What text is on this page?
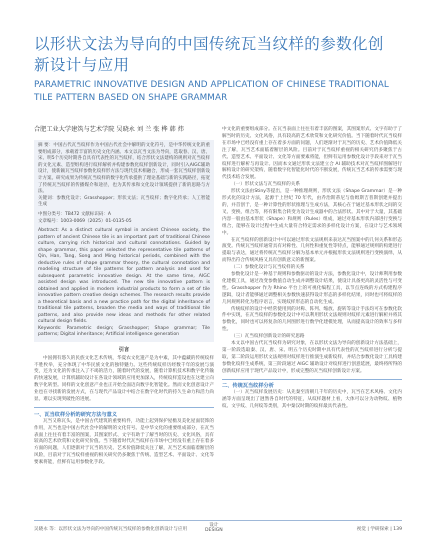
以形状文法为导向的中国传统瓦当纹样的参数化创新设计与应用
PARAMETRIC INNOVATIVE DESIGN AND APPLICATION OF CHINESE TRADITIONAL TILE PATTERN BASED ON SHAPE GRAMMAR
合肥工业大学建筑与艺术学院 吴晓永 刘 兰 张 桦 韩 炜
摘 要：中国古代瓦当纹样作为中国古代社会中解明的文化符号，是中华传统文化的重要组成部分，承载着丰富的历史文化内涵。本文以瓦当文法为导向，选取春、汉、唐、宋、明5个历史时期各自具有代表性的瓦当纹样，结合形状文法建构的规则对瓦当纹样的文化元素、造型组构进行纹样解析并构建参数化纹样创新设计，同时引入AIGC辅助设计，使新颖瓦当纹样参数化纹样形方法与现代技术相融合，形成一套瓦当纹样创新设计方案。研究成果为传统瓦当纹样的数字化传承提供了理论基础与新的实践路径，拓宽了传统瓦当纹样的传播媒介和途径，也为其传承和文化设计领域提供了新的思路与方法。
关键词：参数化设计；Grasshopper；形状文法；瓦当纹样；数字化传承；人工智能生成
中图分类号：TB472 文献标识码：A
文章编号：1003-0069（2025）01-0135-05
Abstract: As a distinct cultural symbol in ancient Chinese society, the pattern of ancient Chinese tile is an important part of traditional Chinese culture, carrying rich historical and cultural connotations. Guided by shape grammar, this paper selected the representative tile patterns of Qin, Han, Tang, Song and Ming historical periods, combined with the deductive rules of shape grammar theory, the cultural connotation and modeling structure of tile patterns for pattern analysis and used for subsequent parametric innovative design. At the same time, AIGC assisted design was introduced. The new tile innovative pattern is obtained and applied in modern industrial products to form a set of tile innovative pattern creative design schemes. The research results provide a theoretical basis and a new practice path for the digital inheritance of traditional tile patterns, broaden the media and ways of traditional tile patterns, and also provide new ideas and methods for other related cultural design fields.
Keywords: Parametric design; Grasshopper; Shape grammar; Tile patterns; Digital inheritance; Artificial intelligence generation
引言
中国拥有悠久的民族文化艺术传统，华夏农文化遗产是为中素，其中蕴藏的传统纹样不胜枚举，充分体现了中华民族文化的独特魅力。这些传统纹样历经数千年的发展与演变，还为文化的传承注入了不竭的活力，随着时代的发展，随着计算机技术和数字化传输的快速发展，计算机辅助设计在各设计领域的应用更加深入，传统纹样造设也在这建立向数字化转型。同样的文化创意产业也正开始全面迈向数字化智能化。然而文化创意设计产业也在寻找新的发展方式，在与现代产品设计中结合在数字化时代的持久生命力和活力尚显。难以实现突破性的进展。
一、瓦当纹样分析的研究方法与意义
瓦当又称瓦头，是中国古代建筑的重要构件，功能上起到保护屋檐及美化屋面装饰的作用，瓦当也是中国古代社会中的解明的文化符号。是中华文化的重要组成部分，在瓦当表面上往往有着丰富的图案，其图案形式、文字有助于了解当时的历史、文化风俗，具有较高的艺术欣赏和文化研究价值。当下随着时代瓦当纹样在市场中已经没有重上存在着多方面的问题，人们逐渐对于瓦当的历史、艺术价值降低关注了解，瓦当艺术面临着断层的风险，目前对于瓦当纹样重视的相关研究仍多聚焦于传统、造型艺术、平面设计、文化等要素将能，但鲜有运用参数化手段。
中文化的重要组成部分。在瓦当表面上往往有着丰富的图案，其图案形式、文字有助于了解当时的历史、文化风俗，具有较高的艺术欣赏和文化研究价值。当下随着时代瓦当纹样在市场中已经没有重上存在着多方面的问题，人们逐渐对于瓦当的历史、艺术价值降低关注了解，瓦当艺术面临着断层的风险。目前对于瓦当纹样重视的相关研究仍多聚焦于古代、造型艺术、平面设计、文化等方面要素将能，但鲜有运用参数化设计手段来对于瓦当纹样进行解析与再设计。因而本文通过形状文法建立合 AI 辅助技术对瓦当纹样图解进行解构设计的研究架构，随着数字化智能化时代的不断发展，传统瓦当艺术的传承需要与现代技术结合发展。
（一）形状文法与瓦当纹样的关系
形状文法由Stiny等提出，是一种推理规则，形状文法（Shape Grammar）是一种形式化的设计方法，起源于上世纪 70 年代，由乔治斯蒂尼与詹姆斯吉普斯创建并提出的，并首创于，是一种计算性的形状推理与生成方法，其核心在于通过基本形状之间的交叉、变换、组合等，将有限集合转变为设计生成器中的合法形状。其中对于大量，其基础内容一般由基本形状（Shape）和规则（Rules）组成，通过对基本形状内部进行变换与组合，能够在设计过程中生成大量符合特定需求的多样化设计方案，在设计与艺术领域中。
在瓦当纹样的创新设计中可以通过形状文法规则来表达瓦当图案中的几何关系和形态演变。传统瓦当纹样通常具有对称性、几何性和重复性等特点，能够通过规则的构建进行提取与表达，通过将传统瓦当纹样分解为基本单元并根据形状文法规则进行变换演绎，从而得出符合传统风格又具有创新意义的新图案。
（二）参数化设计与瓦当纹样的关系
参数化设计是一种基于规则和参数驱动的设计方法，参数化设计中，设计师利用参数化建模工具，通过改变参数值自动生成并调整设计结果，使设计具备更高的灵活性与可变性。Grasshopper 作为 Rhino 平台上的可视化编程工具，以节点连线的方式构建程序逻辑，设计者能够通过调整相关参数快速获得设计形态的多样化结果，同时也可将纹样的几何规则转化为程序语言，实现纹样形态的自动化生成。
传统纹样的设计中经常使用到的对称、阵列、缩放、旋转等设计手法均可在参数化软件中实现，在瓦当纹样的参数化设计中可以利用形状文法规则对纹样元素进行解析并将其参数化，同时也可以将复杂的几何图形进行数学化建模处理，从而提高设计的效率与多样性。
（三）瓦当纹样创新设计的研究思路
本文以中国古代瓦当纹样为研究对象，在以形状文法为导向的创新设计方法基础上，第一阶段选取秦、汉、唐、宋、明五个历史时期中具有代表性的瓦当纹样进行分析与提取，第二阶段运用形状文法规则对纹样进行推演生成新纹样，并结合参数化设计工具构建参数化纹样生成系统，第三阶段通过 AIGC 辅助设计对纹样进行创意延展，最终将所得的创新纹样应用于现代产品设计中，形成完整的瓦当纹样创新设计方案。
二、传统瓦当纹样分析
（一）瓦当纹样发展历史：从先秦至清朝几千年的历史中，瓦当在艺术风格、文化内涵等方面呈现出了迥然各自时代的特征，从纹样题材上看，大体可以分为动物纹、植物纹、文字纹、几何纹等类别，其中秦汉时期的纹样最具代表性。
吴晓永 等：以形状文法为导向的中国传统瓦当纹样的参数化创新设计与应用
设计
DESIGN	视觉 | 学研探索 | 139
